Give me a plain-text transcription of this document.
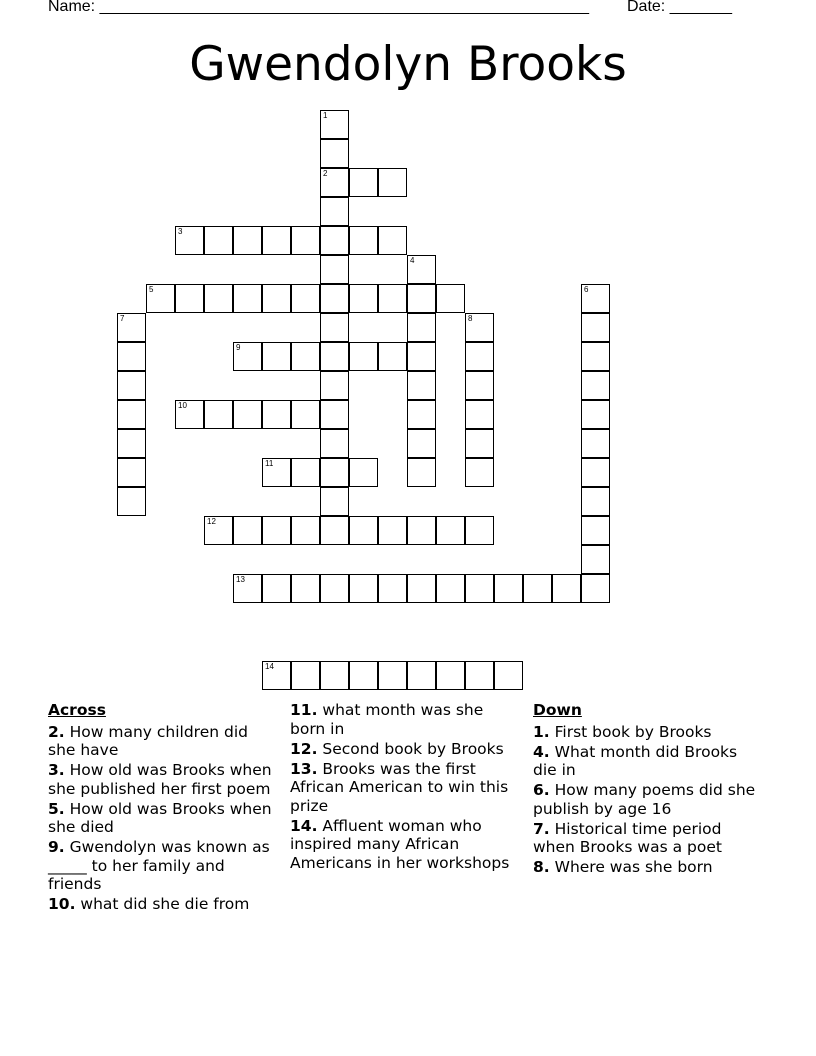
Name: _______________________________________________________ Date: _______
Gwendolyn Brooks
1
2
3
4
5	6
7	8
9
10
11
12
13
14
Across
2. How many children did she have
3. How old was Brooks when she published her first poem
5. How old was Brooks when she died
9. Gwendolyn was known as _____ to her family and friends
10. what did she die from
11. what month was she born in
12. Second book by Brooks
13. Brooks was the first African American to win this prize
14. Affluent woman who inspired many African Americans in her workshops
Down
1. First book by Brooks
4. What month did Brooks die in
6. How many poems did she publish by age 16
7. Historical time period when Brooks was a poet
8. Where was she born
